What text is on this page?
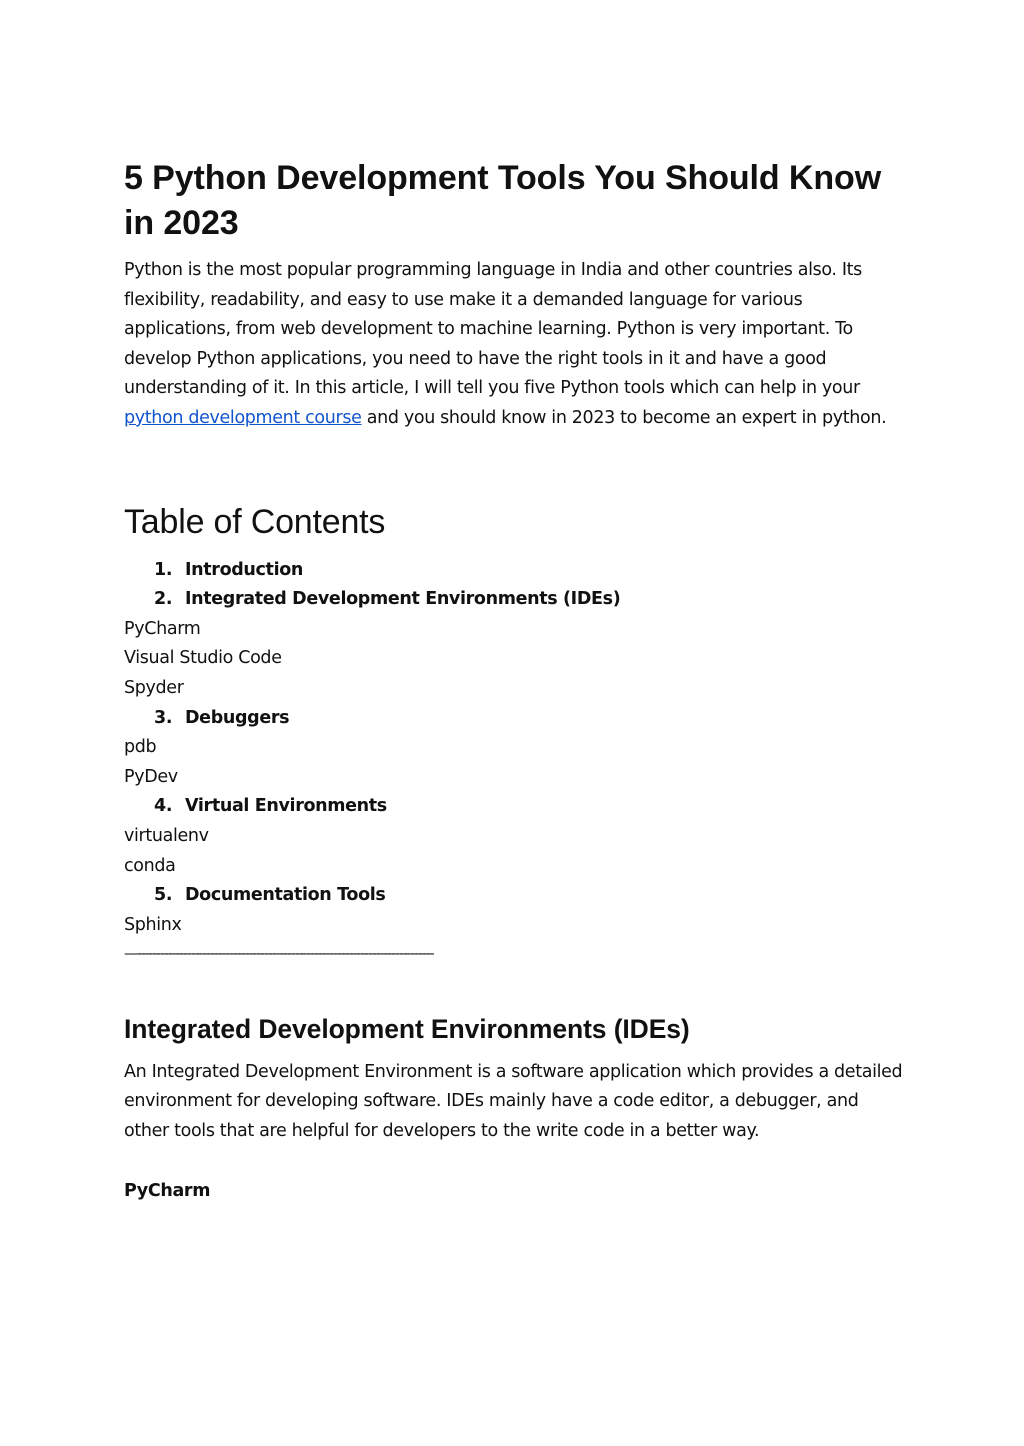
5 Python Development Tools You Should Know in 2023

Python is the most popular programming language in India and other countries also. Its flexibility, readability, and easy to use make it a demanded language for various applications, from web development to machine learning. Python is very important. To develop Python applications, you need to have the right tools in it and have a good understanding of it. In this article, I will tell you five Python tools which can help in your python development course and you should know in 2023 to become an expert in python.

Table of Contents
1. Introduction
2. Integrated Development Environments (IDEs)
PyCharm
Visual Studio Code
Spyder
3. Debuggers
pdb
PyDev
4. Virtual Environments
virtualenv
conda
5. Documentation Tools
Sphinx
—-----------------------------------------------------------------------------
Integrated Development Environments (IDEs)

An Integrated Development Environment is a software application which provides a detailed environment for developing software. IDEs mainly have a code editor, a debugger, and other tools that are helpful for developers to the write code in a better way.

PyCharm
